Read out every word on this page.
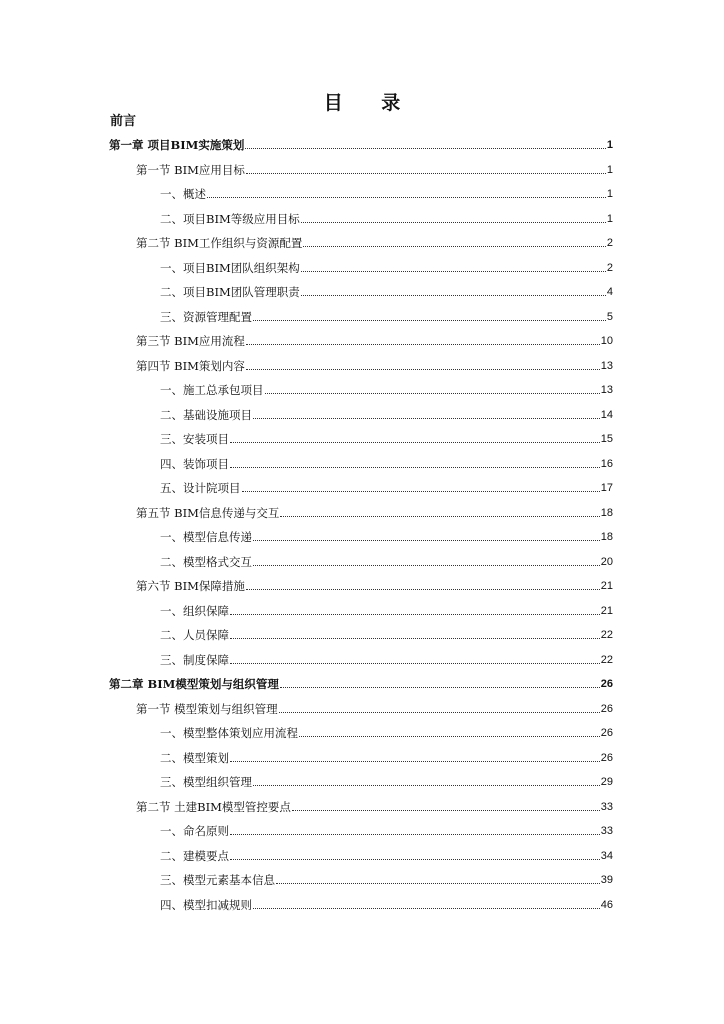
目 录
前言
第一章 项目BIM实施策划	1
第一节 BIM应用目标	1
一、概述	1
二、项目BIM等级应用目标	1
第二节 BIM工作组织与资源配置	2
一、项目BIM团队组织架构	2
二、项目BIM团队管理职责	4
三、资源管理配置	5
第三节 BIM应用流程	10
第四节 BIM策划内容	13
一、施工总承包项目	13
二、基础设施项目	14
三、安装项目	15
四、装饰项目	16
五、设计院项目	17
第五节 BIM信息传递与交互	18
一、模型信息传递	18
二、模型格式交互	20
第六节 BIM保障措施	21
一、组织保障	21
二、人员保障	22
三、制度保障	22
第二章 BIM模型策划与组织管理	26
第一节 模型策划与组织管理	26
一、模型整体策划应用流程	26
二、模型策划	26
三、模型组织管理	29
第二节 土建BIM模型管控要点	33
一、命名原则	33
二、建模要点	34
三、模型元素基本信息	39
四、模型扣减规则	46
